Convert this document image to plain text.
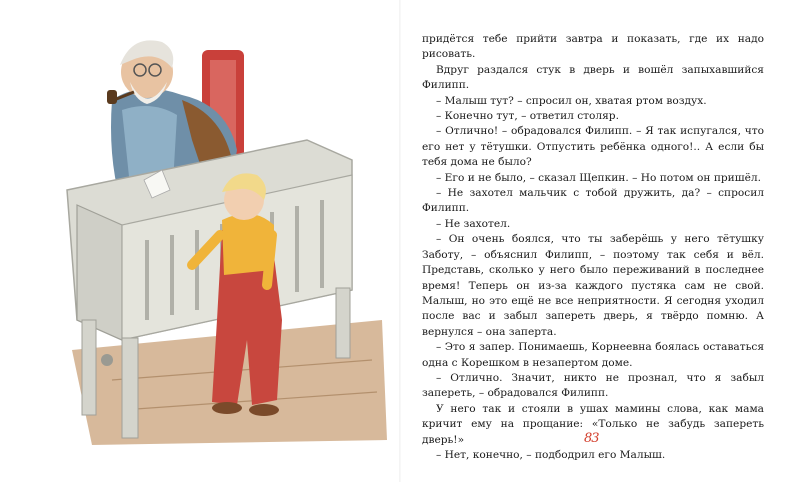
придётся тебе прийти завтра и показать, где их надо рисовать.

Вдруг раздался стук в дверь и вошёл запыхавшийся Филипп.

– Малыш тут? – спросил он, хватая ртом воздух.

– Конечно тут, – ответил столяр.

– Отлично! – обрадовался Филипп. – Я так испугался, что его нет у тётушки. Отпустить ребёнка одного!.. А если бы тебя дома не было?

– Его и не было, – сказал Щепкин. – Но потом он пришёл.

– Не захотел мальчик с тобой дружить, да? – спросил Филипп.

– Не захотел.

– Он очень боялся, что ты заберёшь у него тётушку Заботу, – объяснил Филипп, – поэтому так себя и вёл. Представь, сколько у него было переживаний в последнее время! Теперь он из-за каждого пустяка сам не свой. Малыш, но это ещё не все неприятности. Я сегодня уходил после вас и забыл запереть дверь, я твёрдо помню. А вернулся – она заперта.

– Это я запер. Понимаешь, Корнеевна боялась оставаться одна с Корешком в незапертом доме.

– Отлично. Значит, никто не прознал, что я забыл запереть, – обрадовался Филипп.

У него так и стояли в ушах мамины слова, как мама кричит ему на прощание: «Только не забудь запереть дверь!»

– Нет, конечно, – подбодрил его Малыш.

83
